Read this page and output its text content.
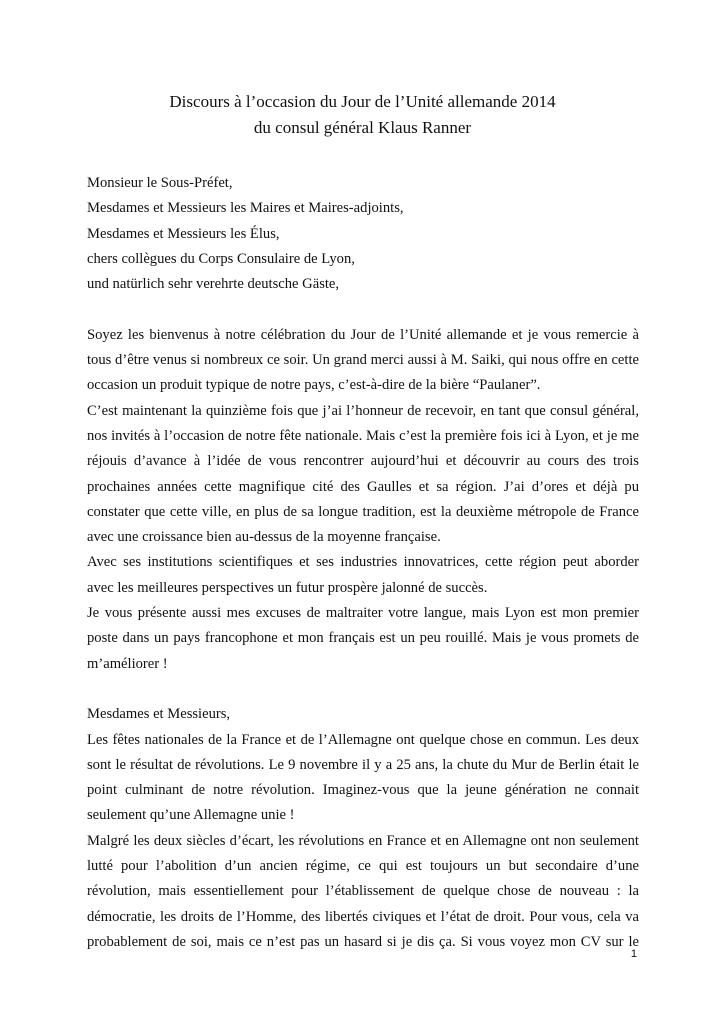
Discours à l’occasion du Jour de l’Unité allemande 2014
du consul général Klaus Ranner
Monsieur le Sous-Préfet,
Mesdames et Messieurs les Maires et Maires-adjoints,
Mesdames et Messieurs les Élus,
chers collègues du Corps Consulaire de Lyon,
und natürlich sehr verehrte deutsche Gäste,
Soyez les bienvenus à notre célébration du Jour de l’Unité allemande et je vous remercie à
tous d’être venus si nombreux ce soir. Un grand merci aussi à M. Saiki, qui nous offre en cette
occasion un produit typique de notre pays, c’est-à-dire de la bière “Paulaner”.
C’est maintenant la quinzième fois que j’ai l’honneur de recevoir, en tant que consul général,
nos invités à l’occasion de notre fête nationale. Mais c’est la première fois ici à Lyon, et je me
réjouis d’avance à l’idée de vous rencontrer aujourd’hui et découvrir au cours des trois
prochaines années cette magnifique cité des Gaulles et sa région. J’ai d’ores et déjà pu
constater que cette ville, en plus de sa longue tradition, est la deuxième métropole de France
avec une croissance bien au-dessus de la moyenne française.
Avec ses institutions scientifiques et ses industries innovatrices, cette région peut aborder
avec les meilleures perspectives un futur prospère jalonné de succès.
Je vous présente aussi mes excuses de maltraiter votre langue, mais Lyon est mon premier
poste dans un pays francophone et mon français est un peu rouillé. Mais je vous promets de
m’améliorer !
Mesdames et Messieurs,
Les fêtes nationales de la France et de l’Allemagne ont quelque chose en commun. Les deux
sont le résultat de révolutions. Le 9 novembre il y a 25 ans, la chute du Mur de Berlin était le
point culminant de notre révolution. Imaginez-vous que la jeune génération ne connait
seulement qu’une Allemagne unie !
Malgré les deux siècles d’écart, les révolutions en France et en Allemagne ont non seulement
lutté pour l’abolition d’un ancien régime, ce qui est toujours un but secondaire d’une
révolution, mais essentiellement pour l’établissement de quelque chose de nouveau : la
démocratie, les droits de l’Homme, des libertés civiques et l’état de droit. Pour vous, cela va
probablement de soi, mais ce n’est pas un hasard si je dis ça. Si vous voyez mon CV sur le
1
